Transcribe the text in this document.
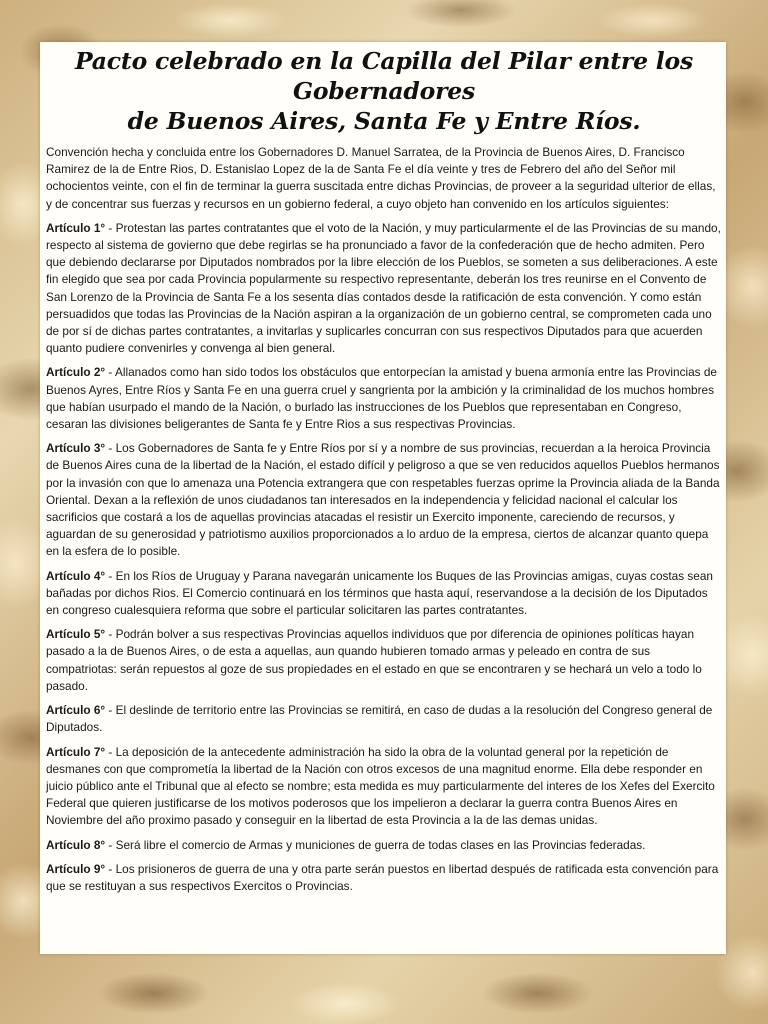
Pacto celebrado en la Capilla del Pilar entre los Gobernadores
de Buenos Aires, Santa Fe y Entre Ríos.

Convención hecha y concluida entre los Gobernadores D. Manuel Sarratea, de la Provincia de Buenos Aires, D. Francisco Ramirez de la de Entre Rios, D. Estanislao Lopez de la de Santa Fe el día veinte y tres de Febrero del año del Señor mil ochocientos veinte, con el fin de terminar la guerra suscitada entre dichas Provincias, de proveer a la seguridad ulterior de ellas, y de concentrar sus fuerzas y recursos en un gobierno federal, a cuyo objeto han convenido en los artículos siguientes:

Artículo 1° - Protestan las partes contratantes que el voto de la Nación, y muy particularmente el de las Provincias de su mando, respecto al sistema de govierno que debe regirlas se ha pronunciado a favor de la confederación que de hecho admiten. Pero que debiendo declararse por Diputados nombrados por la libre elección de los Pueblos, se someten a sus deliberaciones. A este fin elegido que sea por cada Provincia popularmente su respectivo representante, deberán los tres reunirse en el Convento de San Lorenzo de la Provincia de Santa Fe a los sesenta días contados desde la ratificación de esta convención. Y como están persuadidos que todas las Provincias de la Nación aspiran a la organización de un gobierno central, se comprometen cada uno de por sí de dichas partes contratantes, a invitarlas y suplicarles concurran con sus respectivos Diputados para que acuerden quanto pudiere convenirles y convenga al bien general.

Artículo 2° - Allanados como han sido todos los obstáculos que entorpecían la amistad y buena armonía entre las Provincias de Buenos Ayres, Entre Ríos y Santa Fe en una guerra cruel y sangrienta por la ambición y la criminalidad de los muchos hombres que habían usurpado el mando de la Nación, o burlado las instrucciones de los Pueblos que representaban en Congreso, cesaran las divisiones beligerantes de Santa fe y Entre Rios a sus respectivas Provincias.

Artículo 3° - Los Gobernadores de Santa fe y Entre Ríos por sí y a nombre de sus provincias, recuerdan a la heroica Provincia de Buenos Aires cuna de la libertad de la Nación, el estado difícil y peligroso a que se ven reducidos aquellos Pueblos hermanos por la invasión con que lo amenaza una Potencia extrangera que con respetables fuerzas oprime la Provincia aliada de la Banda Oriental. Dexan a la reflexión de unos ciudadanos tan interesados en la independencia y felicidad nacional el calcular los sacrificios que costará a los de aquellas provincias atacadas el resistir un Exercito imponente, careciendo de recursos, y aguardan de su generosidad y patriotismo auxilios proporcionados a lo arduo de la empresa, ciertos de alcanzar quanto quepa en la esfera de lo posible.

Artículo 4° - En los Ríos de Uruguay y Parana navegarán unicamente los Buques de las Provincias amigas, cuyas costas sean bañadas por dichos Rios. El Comercio continuará en los términos que hasta aquí, reservandose a la decisión de los Diputados en congreso cualesquiera reforma que sobre el particular solicitaren las partes contratantes.

Artículo 5° - Podrán bolver a sus respectivas Provincias aquellos individuos que por diferencia de opiniones políticas hayan pasado a la de Buenos Aires, o de esta a aquellas, aun quando hubieren tomado armas y peleado en contra de sus compatriotas: serán repuestos al goze de sus propiedades en el estado en que se encontraren y se hechará un velo a todo lo pasado.

Artículo 6° - El deslinde de territorio entre las Provincias se remitirá, en caso de dudas a la resolución del Congreso general de Diputados.

Artículo 7° - La deposición de la antecedente administración ha sido la obra de la voluntad general por la repetición de desmanes con que comprometía la libertad de la Nación con otros excesos de una magnitud enorme. Ella debe responder en juicio público ante el Tribunal que al efecto se nombre; esta medida es muy particularmente del interes de los Xefes del Exercito Federal que quieren justificarse de los motivos poderosos que los impelieron a declarar la guerra contra Buenos Aires en Noviembre del año proximo pasado y conseguir en la libertad de esta Provincia a la de las demas unidas.

Artículo 8° - Será libre el comercio de Armas y municiones de guerra de todas clases en las Provincias federadas.

Artículo 9° - Los prisioneros de guerra de una y otra parte serán puestos en libertad después de ratificada esta convención para que se restituyan a sus respectivos Exercitos o Provincias.
